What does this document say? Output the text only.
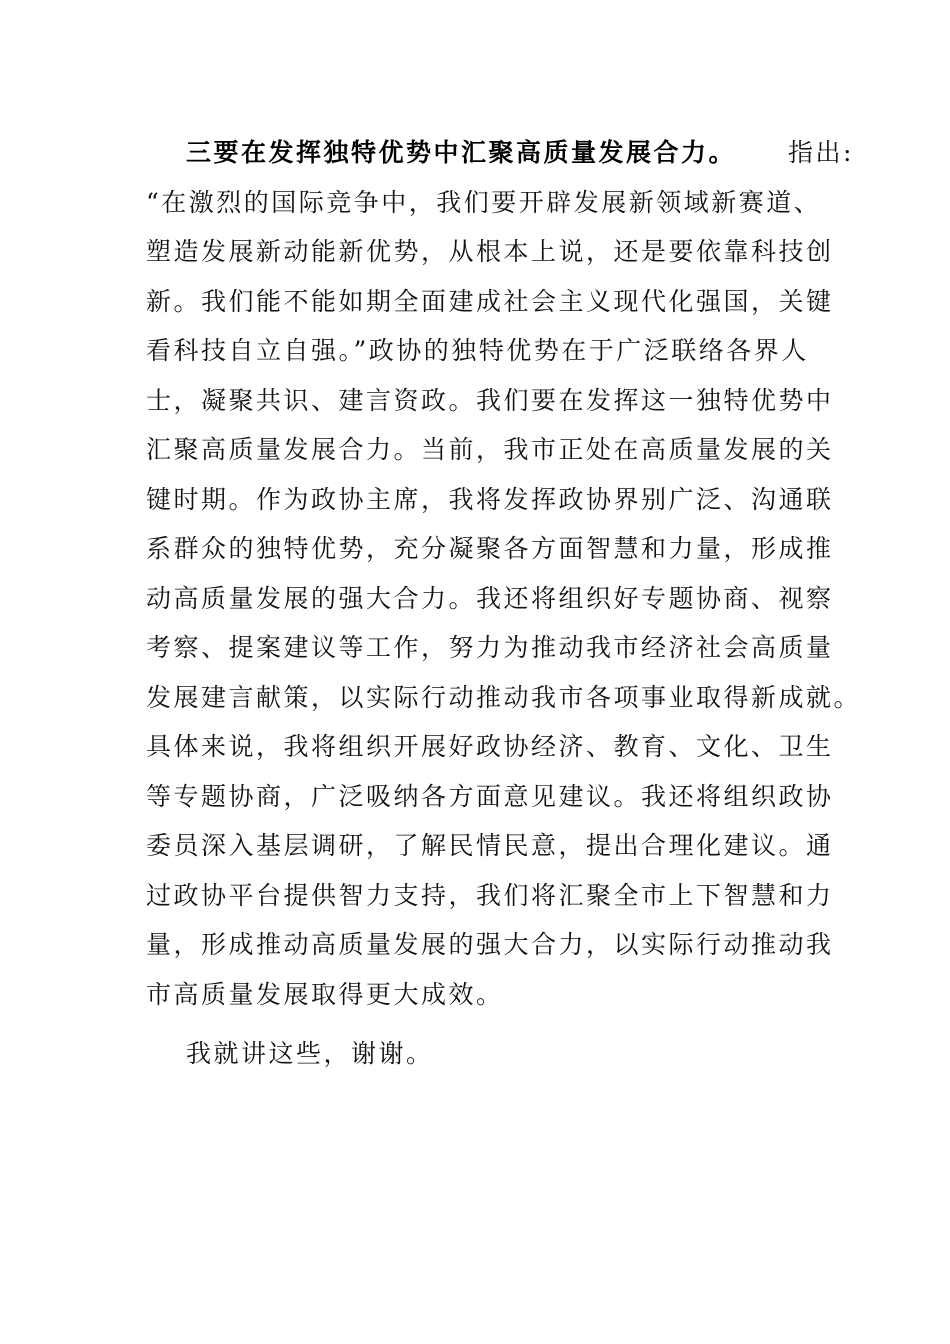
三要在发挥独特优势中汇聚高质量发展合力。 指出:
“在激烈的国际竞争中，我们要开辟发展新领域新赛道、
塑造发展新动能新优势，从根本上说，还是要依靠科技创
新。我们能不能如期全面建成社会主义现代化强国，关键
看科技自立自强。”政协的独特优势在于广泛联络各界人
士，凝聚共识、建言资政。我们要在发挥这一独特优势中
汇聚高质量发展合力。当前，我市正处在高质量发展的关
键时期。作为政协主席，我将发挥政协界别广泛、沟通联
系群众的独特优势，充分凝聚各方面智慧和力量，形成推
动高质量发展的强大合力。我还将组织好专题协商、视察
考察、提案建议等工作，努力为推动我市经济社会高质量
发展建言献策，以实际行动推动我市各项事业取得新成就。
具体来说，我将组织开展好政协经济、教育、文化、卫生
等专题协商，广泛吸纳各方面意见建议。我还将组织政协
委员深入基层调研，了解民情民意，提出合理化建议。通
过政协平台提供智力支持，我们将汇聚全市上下智慧和力
量，形成推动高质量发展的强大合力，以实际行动推动我
市高质量发展取得更大成效。
我就讲这些，谢谢。
